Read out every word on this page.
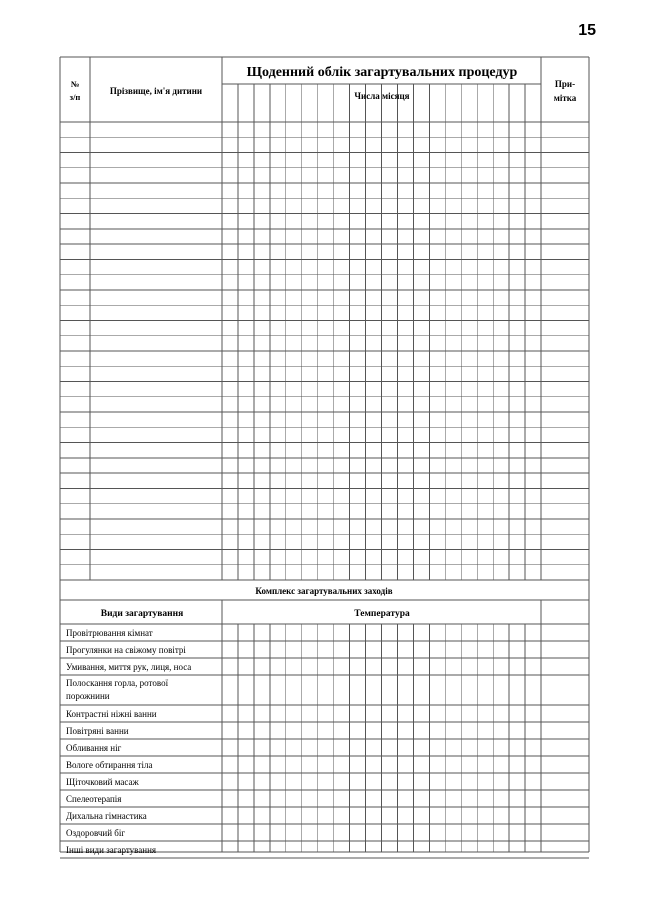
15
№
з/п
Прізвище, ім'я дитини
Щоденний облік загартувальних процедур
Числа місяця
При-
мітка
Комплекс загартувальних заходів
Види загартування	Температура
Провітрювання кімнат
Прогулянки на свіжому повітрі
Умивання, миття рук, лиця, носа
Полоскання горла, ротової
порожнини
Контрастні ніжні ванни
Повітряні ванни
Обливання ніг
Вологе обтирання тіла
Щіточковий масаж
Спелеотерапія
Дихальна гімнастика
Оздоровчий біг
Інші види загартування
